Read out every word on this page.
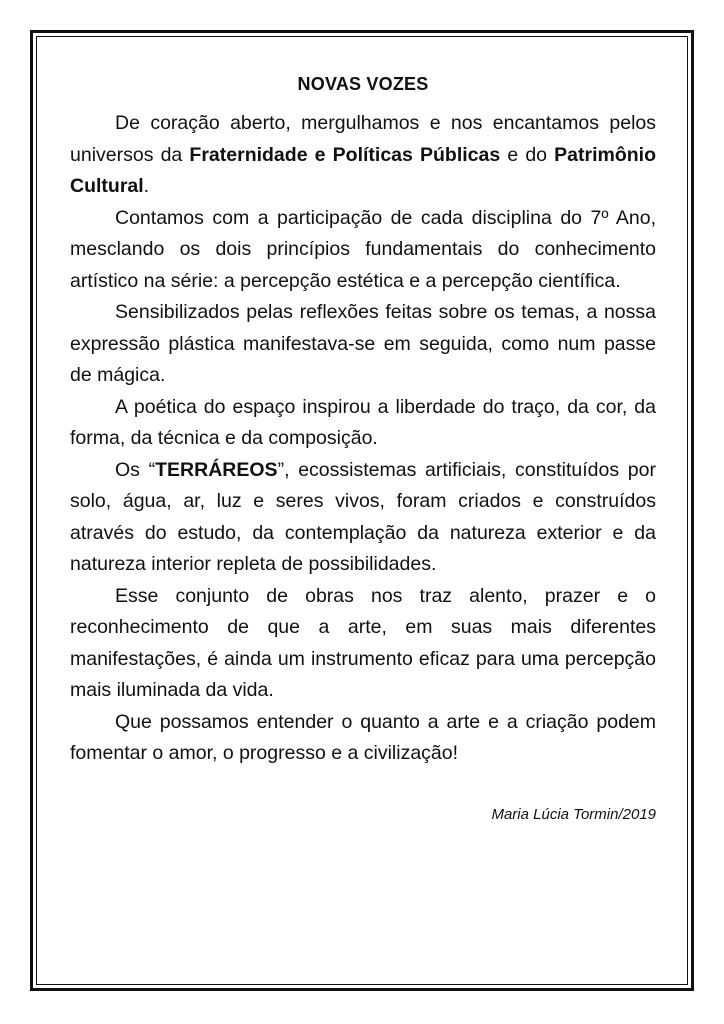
NOVAS VOZES

De coração aberto, mergulhamos e nos encantamos pelos universos da Fraternidade e Políticas Públicas e do Patrimônio Cultural.

Contamos com a participação de cada disciplina do 7º Ano, mesclando os dois princípios fundamentais do conhecimento artístico na série: a percepção estética e a percepção científica.

Sensibilizados pelas reflexões feitas sobre os temas, a nossa expressão plástica manifestava-se em seguida, como num passe de mágica.

A poética do espaço inspirou a liberdade do traço, da cor, da forma, da técnica e da composição.

Os “TERRÁREOS”, ecossistemas artificiais, constituídos por solo, água, ar, luz e seres vivos, foram criados e construídos através do estudo, da contemplação da natureza exterior e da natureza interior repleta de possibilidades.

Esse conjunto de obras nos traz alento, prazer e o reconhecimento de que a arte, em suas mais diferentes manifestações, é ainda um instrumento eficaz para uma percepção mais iluminada da vida.

Que possamos entender o quanto a arte e a criação podem fomentar o amor, o progresso e a civilização!

Maria Lúcia Tormin/2019
